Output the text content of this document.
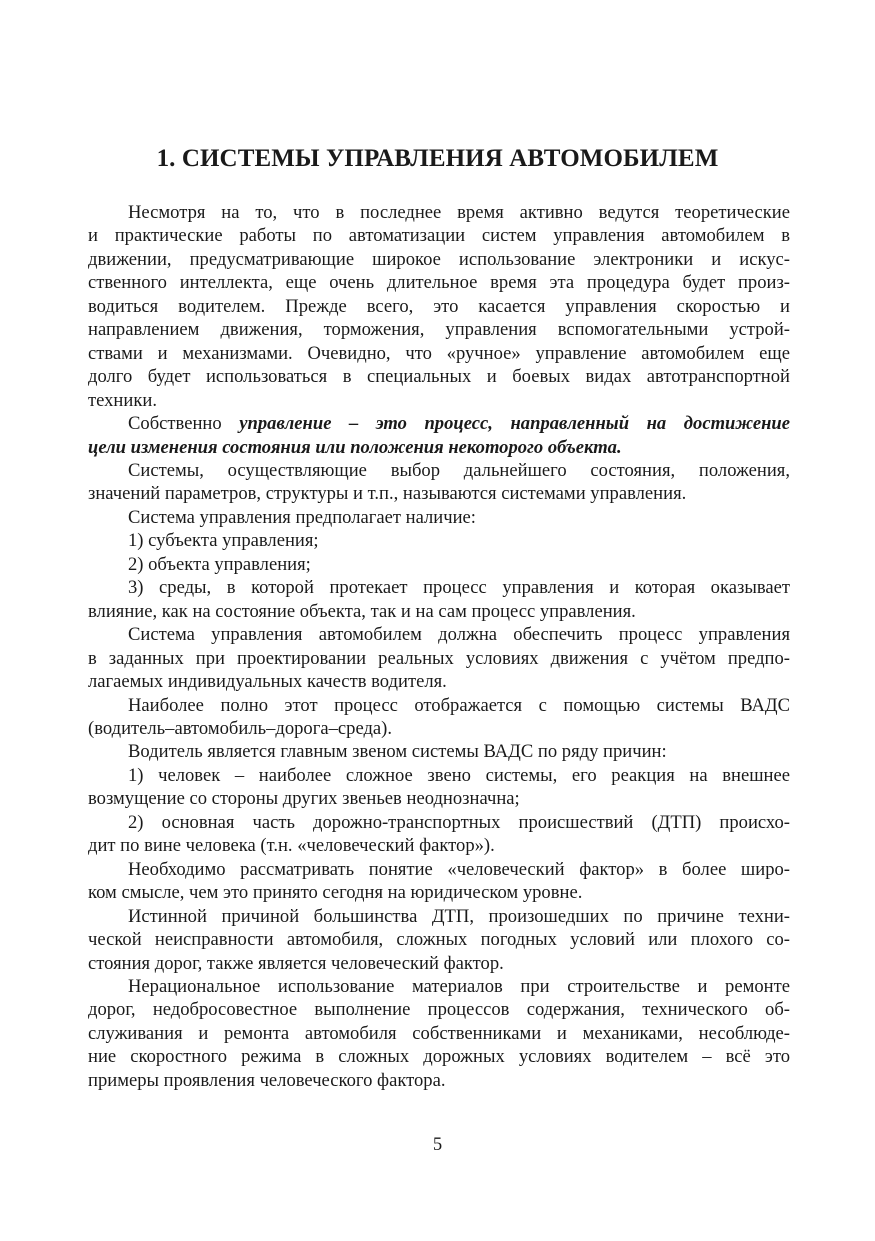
1. СИСТЕМЫ УПРАВЛЕНИЯ АВТОМОБИЛЕМ
Несмотря на то, что в последнее время активно ведутся теоретические
и практические работы по автоматизации систем управления автомобилем в
движении, предусматривающие широкое использование электроники и искус-
ственного интеллекта, еще очень длительное время эта процедура будет произ-
водиться водителем. Прежде всего, это касается управления скоростью и
направлением движения, торможения, управления вспомогательными устрой-
ствами и механизмами. Очевидно, что «ручное» управление автомобилем еще
долго будет использоваться в специальных и боевых видах автотранспортной
техники.
Собственно управление – это процесс, направленный на достижение
цели изменения состояния или положения некоторого объекта.
Системы, осуществляющие выбор дальнейшего состояния, положения,
значений параметров, структуры и т.п., называются системами управления.
Система управления предполагает наличие:
1) субъекта управления;
2) объекта управления;
3) среды, в которой протекает процесс управления и которая оказывает
влияние, как на состояние объекта, так и на сам процесс управления.
Система управления автомобилем должна обеспечить процесс управления
в заданных при проектировании реальных условиях движения с учётом предпо-
лагаемых индивидуальных качеств водителя.
Наиболее полно этот процесс отображается с помощью системы ВАДС
(водитель–автомобиль–дорога–среда).
Водитель является главным звеном системы ВАДС по ряду причин:
1) человек – наиболее сложное звено системы, его реакция на внешнее
возмущение со стороны других звеньев неоднозначна;
2) основная часть дорожно-транспортных происшествий (ДТП) происхо-
дит по вине человека (т.н. «человеческий фактор»).
Необходимо рассматривать понятие «человеческий фактор» в более широ-
ком смысле, чем это принято сегодня на юридическом уровне.
Истинной причиной большинства ДТП, произошедших по причине техни-
ческой неисправности автомобиля, сложных погодных условий или плохого со-
стояния дорог, также является человеческий фактор.
Нерациональное использование материалов при строительстве и ремонте
дорог, недобросовестное выполнение процессов содержания, технического об-
служивания и ремонта автомобиля собственниками и механиками, несоблюде-
ние скоростного режима в сложных дорожных условиях водителем – всё это
примеры проявления человеческого фактора.
5
